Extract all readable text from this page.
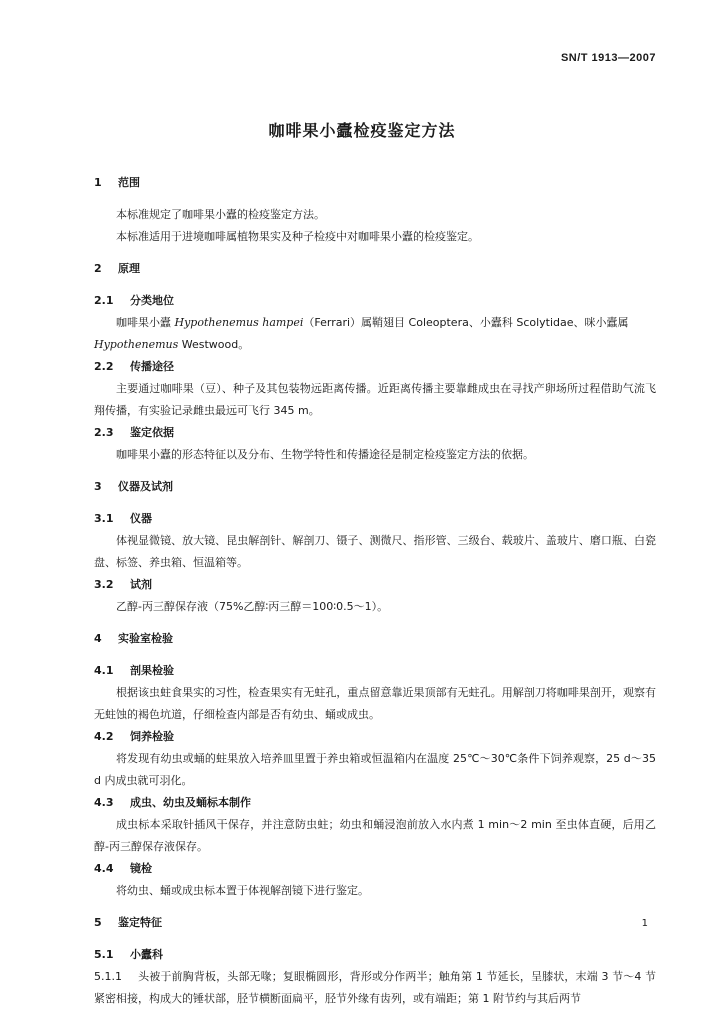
SN/T 1913—2007
咖啡果小蠹检疫鉴定方法

1 范围

本标准规定了咖啡果小蠹的检疫鉴定方法。

本标准适用于进境咖啡属植物果实及种子检疫中对咖啡果小蠹的检疫鉴定。

2 原理

2.1 分类地位

咖啡果小蠹 Hypothenemus hampei（Ferrari）属鞘翅目 Coleoptera、小蠹科 Scolytidae、咪小蠹属
Hypothenemus Westwood。

2.2 传播途径

主要通过咖啡果（豆）、种子及其包装物远距离传播。近距离传播主要靠雌成虫在寻找产卵场所过程借助气流飞翔传播，有实验记录雌虫最远可飞行 345 m。

2.3 鉴定依据

咖啡果小蠹的形态特征以及分布、生物学特性和传播途径是制定检疫鉴定方法的依据。

3 仪器及试剂

3.1 仪器

体视显微镜、放大镜、昆虫解剖针、解剖刀、镊子、测微尺、指形管、三级台、载玻片、盖玻片、磨口瓶、白瓷盘、标签、养虫箱、恒温箱等。

3.2 试剂

乙醇-丙三醇保存液（75%乙醇∶丙三醇＝100∶0.5～1）。

4 实验室检验

4.1 剖果检验

根据该虫蛀食果实的习性，检查果实有无蛀孔，重点留意靠近果顶部有无蛀孔。用解剖刀将咖啡果剖开，观察有无蛀蚀的褐色坑道，仔细检查内部是否有幼虫、蛹或成虫。

4.2 饲养检验

将发现有幼虫或蛹的蛀果放入培养皿里置于养虫箱或恒温箱内在温度 25℃～30℃条件下饲养观察，25 d～35 d 内成虫就可羽化。

4.3 成虫、幼虫及蛹标本制作

成虫标本采取针插风干保存，并注意防虫蛀；幼虫和蛹浸泡前放入水内煮 1 min～2 min 至虫体直硬，后用乙醇-丙三醇保存液保存。

4.4 镜检

将幼虫、蛹或成虫标本置于体视解剖镜下进行鉴定。

5 鉴定特征

5.1 小蠹科

5.1.1 头被于前胸背板，头部无喙；复眼椭圆形，背形或分作两半；触角第 1 节延长，呈膝状，末端 3 节～4 节紧密相接，构成大的锤状部，胫节横断面扁平，胫节外缘有齿列，或有端距；第 1 附节约与其后两节

1
